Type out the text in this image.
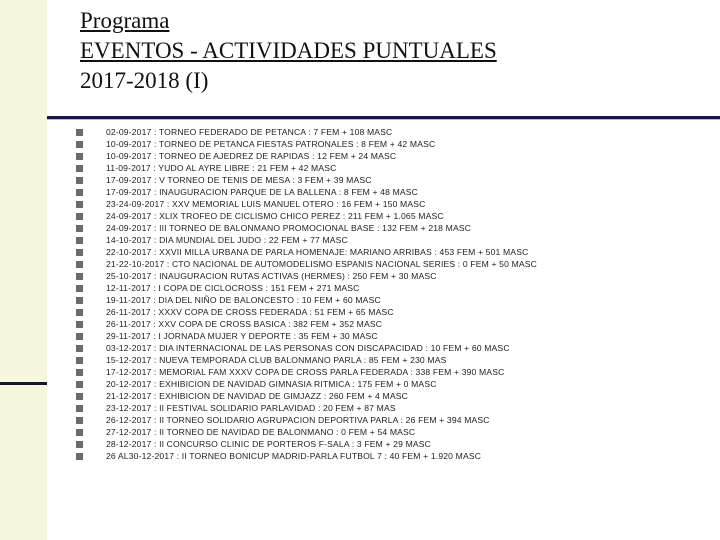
Programa
EVENTOS - ACTIVIDADES PUNTUALES
2017-2018 (I)
02-09-2017 : TORNEO FEDERADO DE PETANCA : 7 FEM + 108 MASC
10-09-2017 : TORNEO DE PETANCA FIESTAS PATRONALES : 8 FEM + 42 MASC
10-09-2017 : TORNEO DE AJEDREZ DE RAPIDAS : 12 FEM + 24 MASC
11-09-2017 : YUDO AL AYRE LIBRE : 21 FEM + 42 MASC
17-09-2017 : V TORNEO DE TENIS DE MESA : 3 FEM + 39 MASC
17-09-2017 : INAUGURACION PARQUE DE LA BALLENA : 8 FEM + 48 MASC
23-24-09-2017 : XXV MEMORIAL LUIS MANUEL OTERO : 16 FEM + 150 MASC
24-09-2017 : XLIX TROFEO DE CICLISMO CHICO PEREZ : 211 FEM + 1.065 MASC
24-09-2017 : III TORNEO DE BALONMANO PROMOCIONAL BASE : 132 FEM + 218 MASC
14-10-2017 : DIA MUNDIAL DEL JUDO : 22 FEM + 77 MASC
22-10-2017 : XXVII MILLA URBANA DE PARLA HOMENAJE: MARIANO ARRIBAS : 453 FEM + 501 MASC
21-22-10-2017 : CTO NACIONAL DE AUTOMODELISMO ESPANIS NACIONAL SERIES : 0 FEM + 50 MASC
25-10-2017 : INAUGURACION RUTAS ACTIVAS (HERMES) : 250 FEM + 30 MASC
12-11-2017 : I COPA DE CICLOCROSS : 151 FEM + 271 MASC
19-11-2017 : DIA DEL NIÑO DE BALONCESTO : 10 FEM + 60 MASC
26-11-2017 : XXXV COPA DE CROSS FEDERADA : 51 FEM + 65 MASC
26-11-2017 : XXV COPA DE CROSS BASICA : 382 FEM + 352 MASC
29-11-2017 : I JORNADA MUJER Y DEPORTE : 35 FEM + 30 MASC
03-12-2017 : DIA INTERNACIONAL DE LAS PERSONAS CON DISCAPACIDAD : 10 FEM + 60 MASC
15-12-2017 : NUEVA TEMPORADA CLUB BALONMANO PARLA : 85 FEM + 230 MAS
17-12-2017 : MEMORIAL FAM XXXV COPA DE CROSS PARLA FEDERADA : 338 FEM + 390 MASC
20-12-2017 : EXHIBICION DE NAVIDAD GIMNASIA RITMICA : 175 FEM + 0 MASC
21-12-2017 : EXHIBICION DE NAVIDAD DE GIMJAZZ : 260 FEM + 4 MASC
23-12-2017 : II FESTIVAL SOLIDARIO PARLAVIDAD : 20 FEM + 87 MAS
26-12-2017 : II TORNEO SOLIDARIO AGRUPACION DEPORTIVA PARLA : 26 FEM + 394 MASC
27-12-2017 : II TORNEO DE NAVIDAD DE BALONMANO : 0 FEM + 54 MASC
28-12-2017 : II CONCURSO CLINIC DE PORTEROS F-SALA : 3 FEM + 29 MASC
26 AL30-12-2017 : II TORNEO BONICUP MADRID-PARLA FUTBOL 7 : 40 FEM + 1.920 MASC
